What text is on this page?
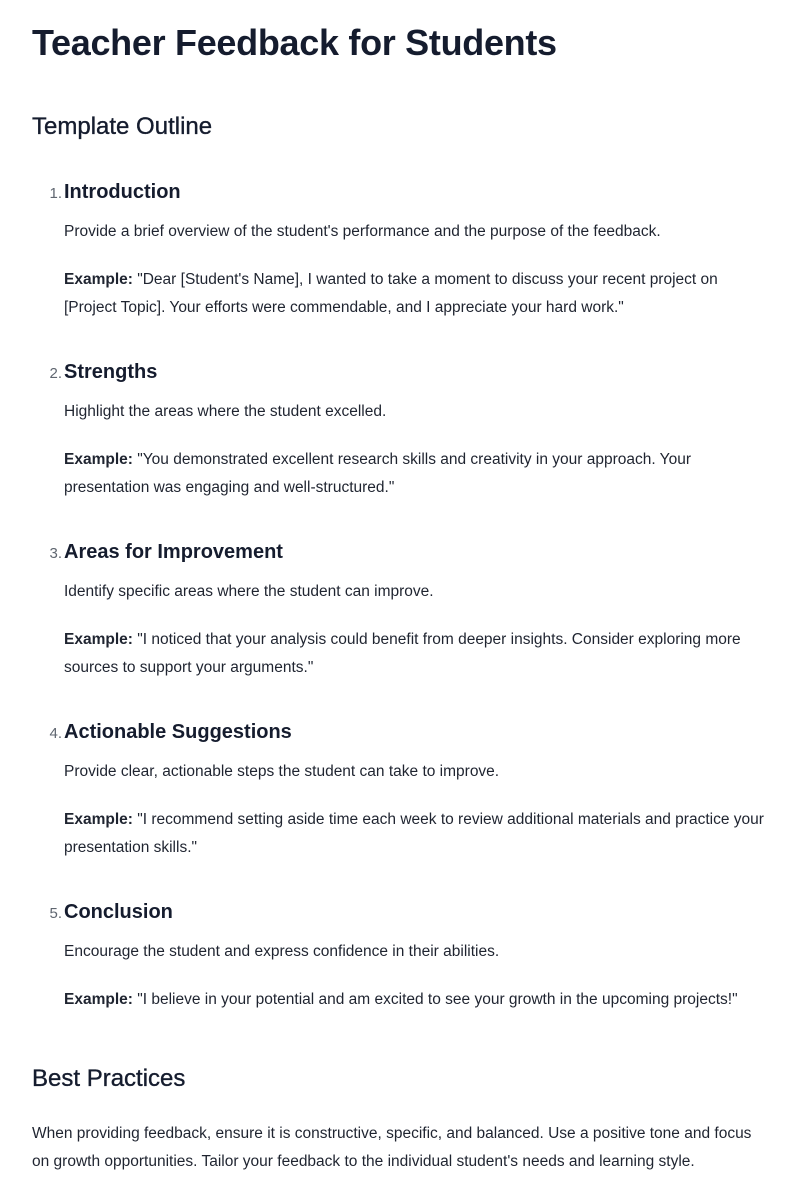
Teacher Feedback for Students
Template Outline
1. Introduction

Provide a brief overview of the student's performance and the purpose of the feedback.

Example: "Dear [Student's Name], I wanted to take a moment to discuss your recent project on [Project Topic]. Your efforts were commendable, and I appreciate your hard work."

2. Strengths

Highlight the areas where the student excelled.

Example: "You demonstrated excellent research skills and creativity in your approach. Your presentation was engaging and well-structured."

3. Areas for Improvement

Identify specific areas where the student can improve.

Example: "I noticed that your analysis could benefit from deeper insights. Consider exploring more sources to support your arguments."

4. Actionable Suggestions

Provide clear, actionable steps the student can take to improve.

Example: "I recommend setting aside time each week to review additional materials and practice your presentation skills."

5. Conclusion

Encourage the student and express confidence in their abilities.

Example: "I believe in your potential and am excited to see your growth in the upcoming projects!"

Best Practices

When providing feedback, ensure it is constructive, specific, and balanced. Use a positive tone and focus on growth opportunities. Tailor your feedback to the individual student's needs and learning style.
